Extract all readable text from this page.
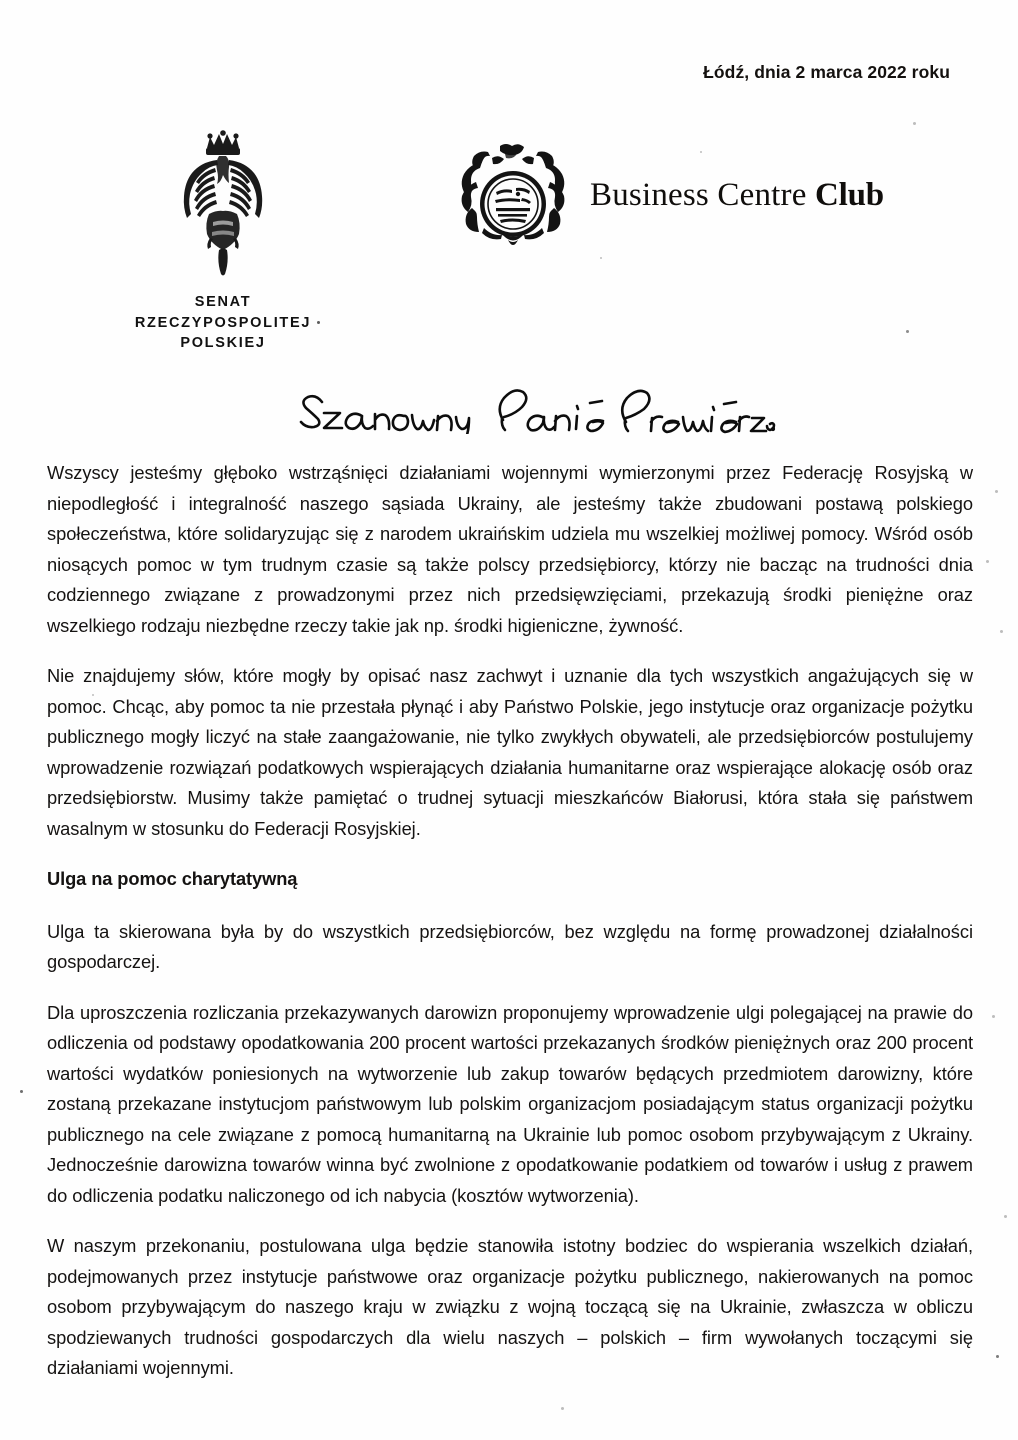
Łódź, dnia 2 marca 2022 roku
SENAT
RZECZYPOSPOLITEJ
POLSKIEJ
Business Centre Club

Wszyscy jesteśmy głęboko wstrząśnięci działaniami wojennymi wymierzonymi przez Federację Rosyjską w niepodległość i integralność naszego sąsiada Ukrainy, ale jesteśmy także zbudowani postawą polskiego społeczeństwa, które solidaryzując się z narodem ukraińskim udziela mu wszelkiej możliwej pomocy. Wśród osób niosących pomoc w tym trudnym czasie są także polscy przedsiębiorcy, którzy nie bacząc na trudności dnia codziennego związane z prowadzonymi przez nich przedsięwzięciami, przekazują środki pieniężne oraz wszelkiego rodzaju niezbędne rzeczy takie jak np. środki higieniczne, żywność.

Nie znajdujemy słów, które mogły by opisać nasz zachwyt i uznanie dla tych wszystkich angażujących się w pomoc. Chcąc, aby pomoc ta nie przestała płynąć i aby Państwo Polskie, jego instytucje oraz organizacje pożytku publicznego mogły liczyć na stałe zaangażowanie, nie tylko zwykłych obywateli, ale przedsiębiorców postulujemy wprowadzenie rozwiązań podatkowych wspierających działania humanitarne oraz wspierające alokację osób oraz przedsiębiorstw. Musimy także pamiętać o trudnej sytuacji mieszkańców Białorusi, która stała się państwem wasalnym w stosunku do Federacji Rosyjskiej.

Ulga na pomoc charytatywną

Ulga ta skierowana była by do wszystkich przedsiębiorców, bez względu na formę prowadzonej działalności gospodarczej.

Dla uproszczenia rozliczania przekazywanych darowizn proponujemy wprowadzenie ulgi polegającej na prawie do odliczenia od podstawy opodatkowania 200 procent wartości przekazanych środków pieniężnych oraz 200 procent wartości wydatków poniesionych na wytworzenie lub zakup towarów będących przedmiotem darowizny, które zostaną przekazane instytucjom państwowym lub polskim organizacjom posiadającym status organizacji pożytku publicznego na cele związane z pomocą humanitarną na Ukrainie lub pomoc osobom przybywającym z Ukrainy. Jednocześnie darowizna towarów winna być zwolnione z opodatkowanie podatkiem od towarów i usług z prawem do odliczenia podatku naliczonego od ich nabycia (kosztów wytworzenia).

W naszym przekonaniu, postulowana ulga będzie stanowiła istotny bodziec do wspierania wszelkich działań, podejmowanych przez instytucje państwowe oraz organizacje pożytku publicznego, nakierowanych na pomoc osobom przybywającym do naszego kraju w związku z wojną toczącą się na Ukrainie, zwłaszcza w obliczu spodziewanych trudności gospodarczych dla wielu naszych – polskich – firm wywołanych toczącymi się działaniami wojennymi.
